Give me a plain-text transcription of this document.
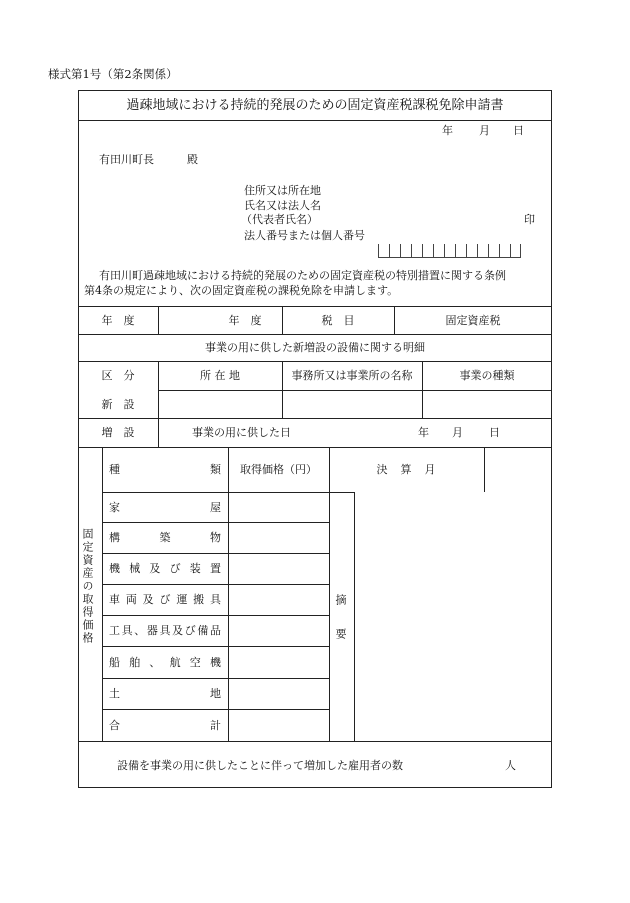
様式第1号（第2条関係）
過疎地域における持続的発展のための固定資産税課税免除申請書
年 月 日
有田川町長	殿
住所又は所在地
氏名又は法人名
（代表者氏名）	印
法人番号または個人番号
有田川町過疎地域における持続的発展のための固定資産税の特別措置に関する条例
第4条の規定により、次の固定資産税の課税免除を申請します。
年　度	年　度	税　目	固定資産税
事業の用に供した新増設の設備に関する明細
区　分	所 在 地	事務所又は事業所の名称	事業の種類
新　設
増　設	事業の用に供した日	年 月 日
固定資産の取得価格
種	類	取得価格（円）	決　算　月
家	屋
構	築	物
機 械 及 び 装 置
車 両 及 び 運 搬 具
工 具 、 器 具 及 び 備 品
船 舶 、 航 空 機
土	地
合	計
摘　要
設備を事業の用に供したことに伴って増加した雇用者の数	人
